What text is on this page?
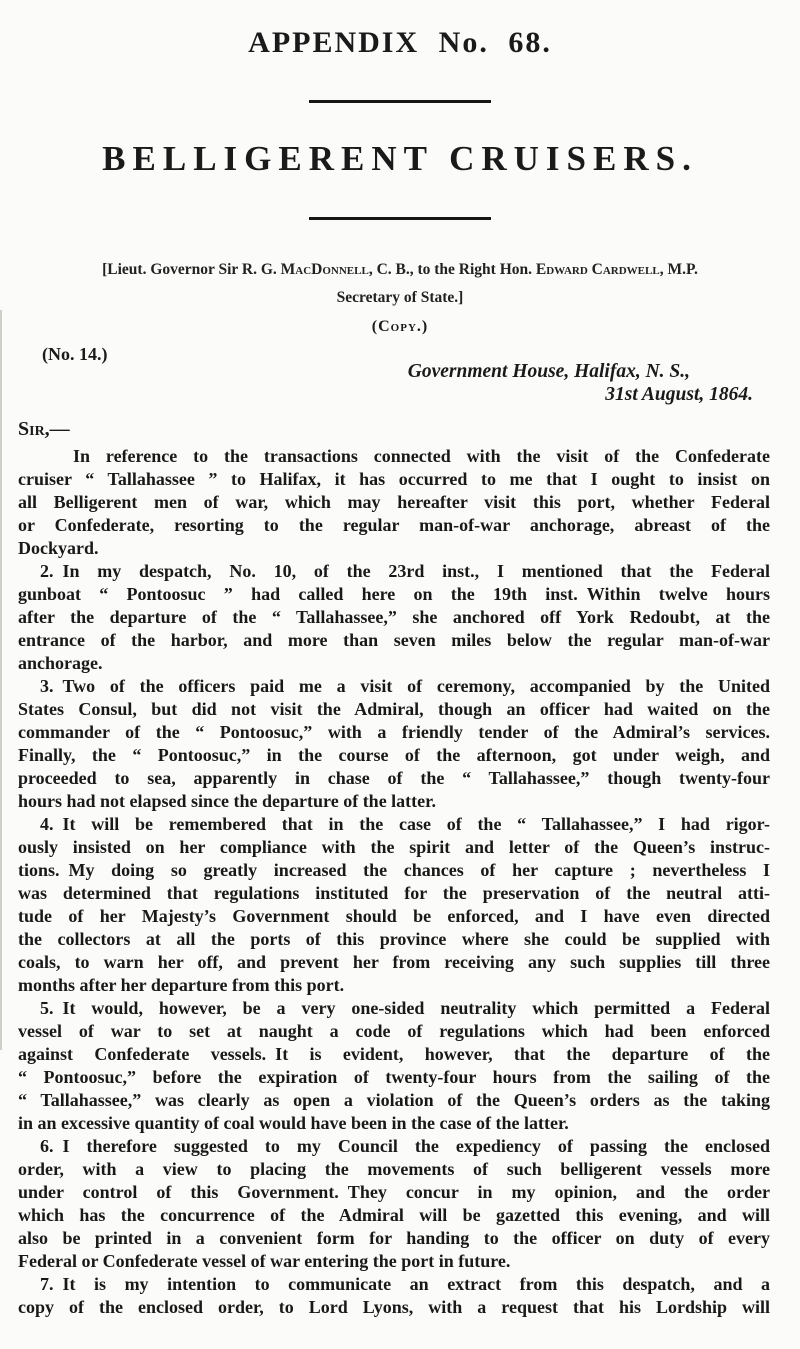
APPENDIX No. 68.
BELLIGERENT CRUISERS.
[Lieut. Governor Sir R. G. MacDonnell, C. B., to the Right Hon. Edward Cardwell, M.P.
Secretary of State.]
(Copy.)
(No. 14.)
Government House, Halifax, N. S.,
31st August, 1864.
Sir,—
In reference to the transactions connected with the visit of the Confederate
cruiser “ Tallahassee ” to Halifax, it has occurred to me that I ought to insist on
all Belligerent men of war, which may hereafter visit this port, whether Federal
or Confederate, resorting to the regular man-of-war anchorage, abreast of the
Dockyard.
2. In my despatch, No. 10, of the 23rd inst., I mentioned that the Federal
gunboat “ Pontoosuc ” had called here on the 19th inst. Within twelve hours
after the departure of the “ Tallahassee,” she anchored off York Redoubt, at the
entrance of the harbor, and more than seven miles below the regular man-of-war
anchorage.
3. Two of the officers paid me a visit of ceremony, accompanied by the United
States Consul, but did not visit the Admiral, though an officer had waited on the
commander of the “ Pontoosuc,” with a friendly tender of the Admiral’s services.
Finally, the “ Pontoosuc,” in the course of the afternoon, got under weigh, and
proceeded to sea, apparently in chase of the “ Tallahassee,” though twenty-four
hours had not elapsed since the departure of the latter.
4. It will be remembered that in the case of the “ Tallahassee,” I had rigor-
ously insisted on her compliance with the spirit and letter of the Queen’s instruc-
tions. My doing so greatly increased the chances of her capture ; nevertheless I
was determined that regulations instituted for the preservation of the neutral atti-
tude of her Majesty’s Government should be enforced, and I have even directed
the collectors at all the ports of this province where she could be supplied with
coals, to warn her off, and prevent her from receiving any such supplies till three
months after her departure from this port.
5. It would, however, be a very one-sided neutrality which permitted a Federal
vessel of war to set at naught a code of regulations which had been enforced
against Confederate vessels. It is evident, however, that the departure of the
“ Pontoosuc,” before the expiration of twenty-four hours from the sailing of the
“ Tallahassee,” was clearly as open a violation of the Queen’s orders as the taking
in an excessive quantity of coal would have been in the case of the latter.
6. I therefore suggested to my Council the expediency of passing the enclosed
order, with a view to placing the movements of such belligerent vessels more
under control of this Government. They concur in my opinion, and the order
which has the concurrence of the Admiral will be gazetted this evening, and will
also be printed in a convenient form for handing to the officer on duty of every
Federal or Confederate vessel of war entering the port in future.
7. It is my intention to communicate an extract from this despatch, and a
copy of the enclosed order, to Lord Lyons, with a request that his Lordship will
